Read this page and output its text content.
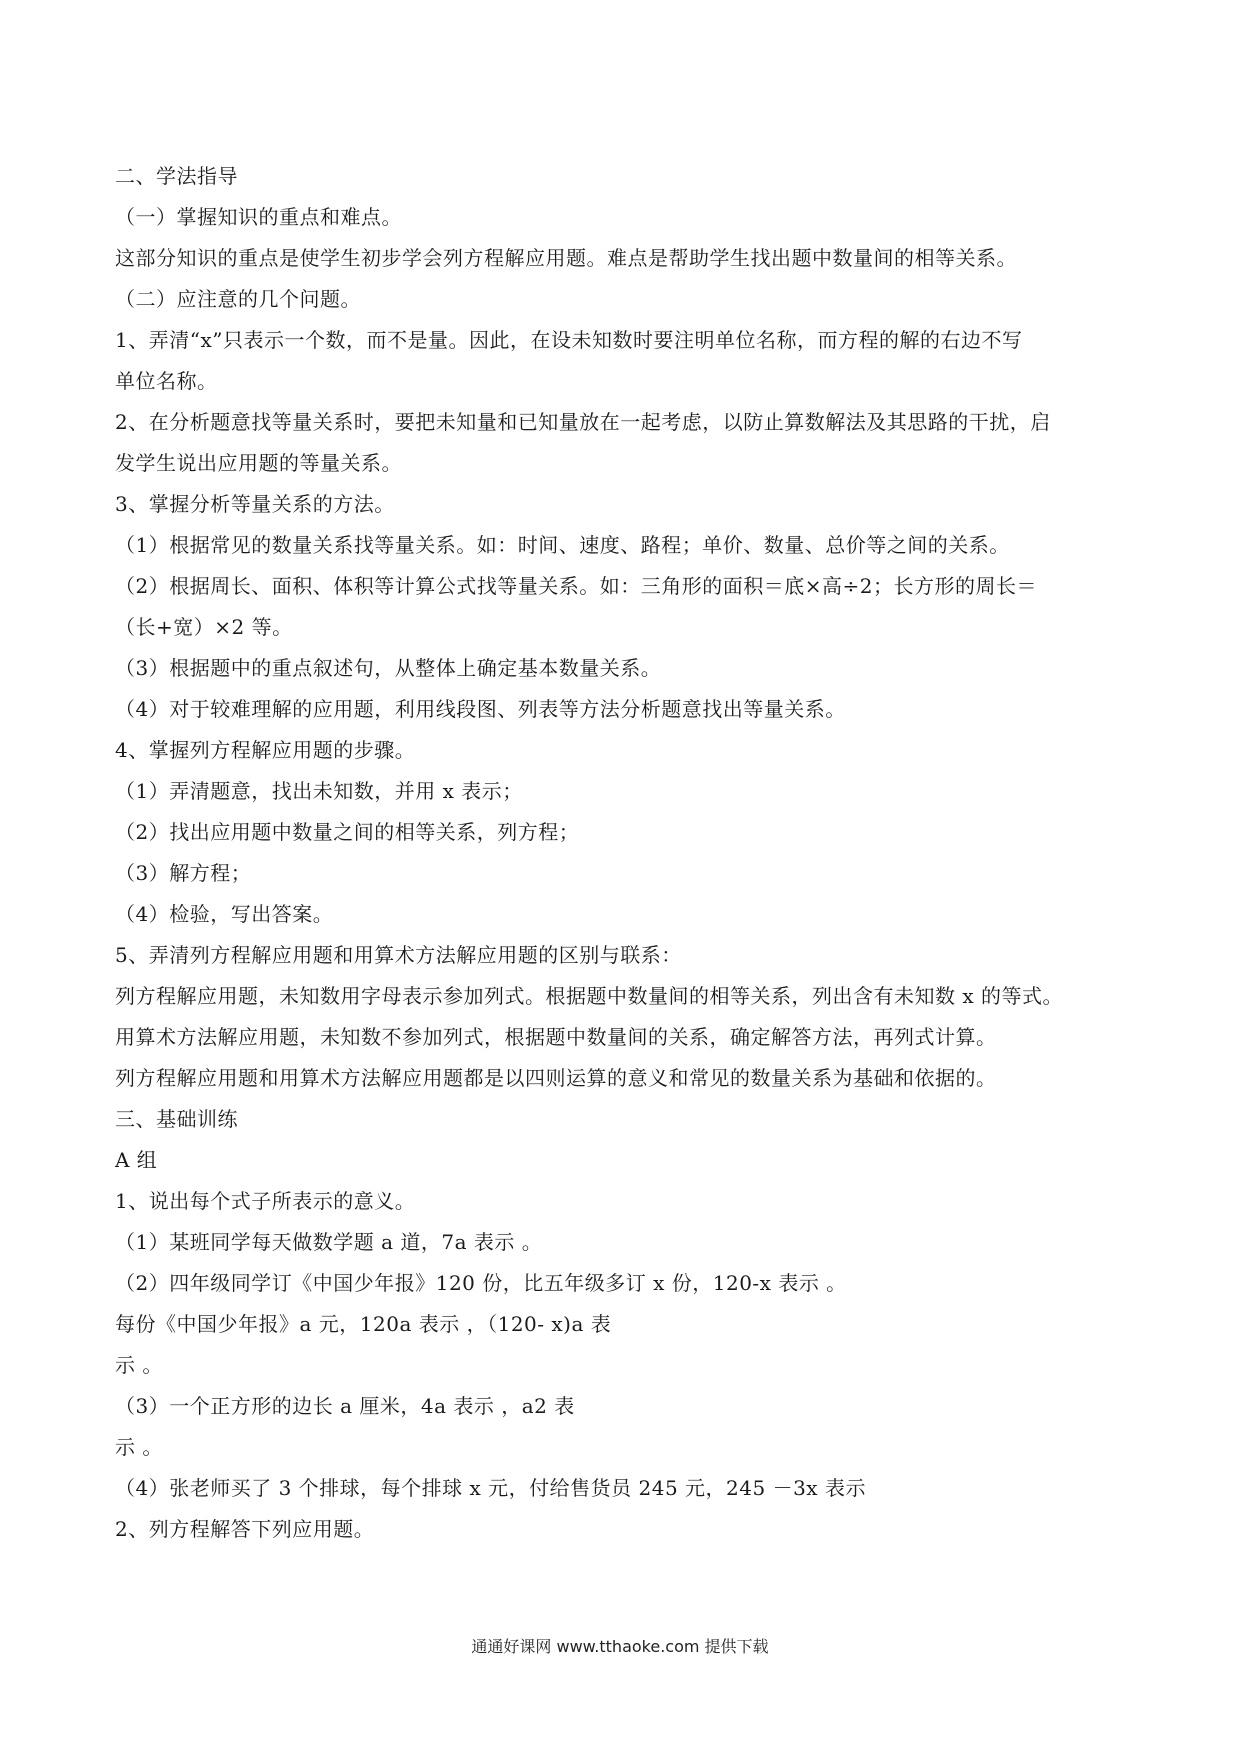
二、学法指导
（一）掌握知识的重点和难点。
这部分知识的重点是使学生初步学会列方程解应用题。难点是帮助学生找出题中数量间的相等关系。
（二）应注意的几个问题。
1、弄清“x”只表示一个数，而不是量。因此，在设未知数时要注明单位名称，而方程的解的右边不写
单位名称。
2、在分析题意找等量关系时，要把未知量和已知量放在一起考虑，以防止算数解法及其思路的干扰，启
发学生说出应用题的等量关系。
3、掌握分析等量关系的方法。
（1）根据常见的数量关系找等量关系。如：时间、速度、路程；单价、数量、总价等之间的关系。
（2）根据周长、面积、体积等计算公式找等量关系。如：三角形的面积＝底×高÷2；长方形的周长＝
（长+宽）×2 等。
（3）根据题中的重点叙述句，从整体上确定基本数量关系。
（4）对于较难理解的应用题，利用线段图、列表等方法分析题意找出等量关系。
4、掌握列方程解应用题的步骤。
（1）弄清题意，找出未知数，并用 x 表示；
（2）找出应用题中数量之间的相等关系，列方程；
（3）解方程；
（4）检验，写出答案。
5、弄清列方程解应用题和用算术方法解应用题的区别与联系：
列方程解应用题，未知数用字母表示参加列式。根据题中数量间的相等关系，列出含有未知数 x 的等式。
用算术方法解应用题，未知数不参加列式，根据题中数量间的关系，确定解答方法，再列式计算。
列方程解应用题和用算术方法解应用题都是以四则运算的意义和常见的数量关系为基础和依据的。
三、基础训练
A 组
1、说出每个式子所表示的意义。
（1）某班同学每天做数学题 a 道，7a 表示 。
（2）四年级同学订《中国少年报》120 份，比五年级多订 x 份，120-x 表示 。
每份《中国少年报》a 元，120a 表示 ，（120- x)a 表
示 。
（3）一个正方形的边长 a 厘米，4a 表示 ，a2 表
示 。
（4）张老师买了 3 个排球，每个排球 x 元，付给售货员 245 元，245 －3x 表示
2、列方程解答下列应用题。
通通好课网 www.tthaoke.com 提供下载
